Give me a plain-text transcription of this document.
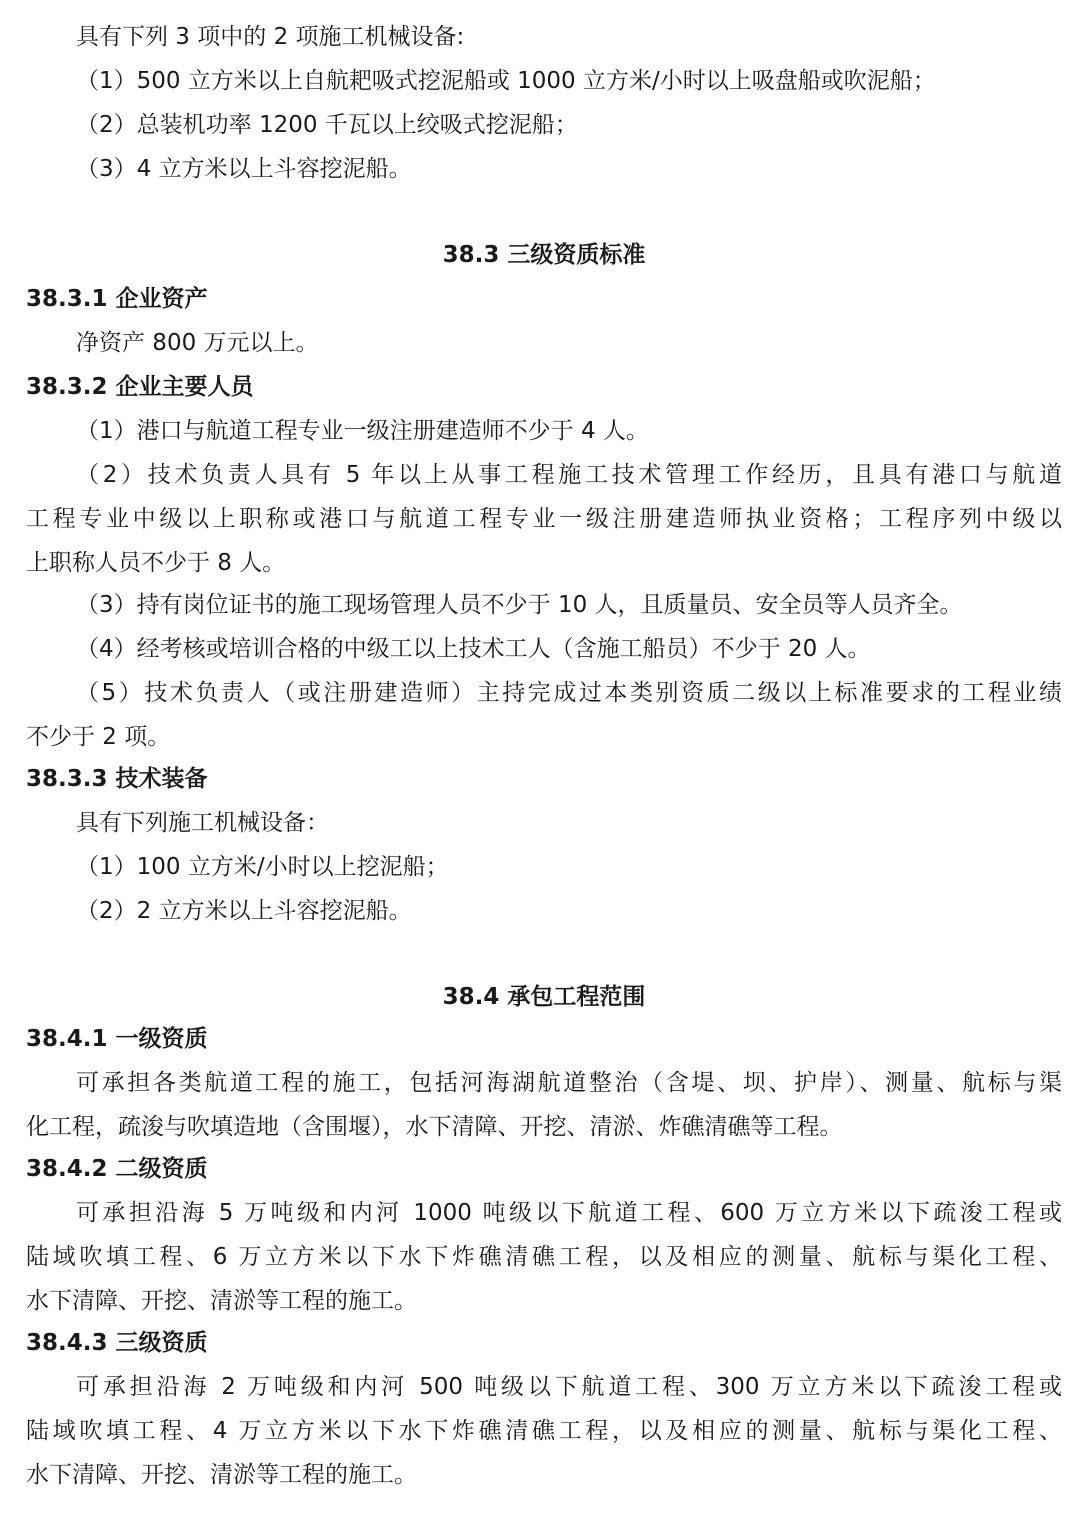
具有下列 3 项中的 2 项施工机械设备:
（1）500 立方米以上自航耙吸式挖泥船或 1000 立方米/小时以上吸盘船或吹泥船；
（2）总装机功率 1200 千瓦以上绞吸式挖泥船；
（3）4 立方米以上斗容挖泥船。
38.3 三级资质标准
38.3.1 企业资产
净资产 800 万元以上。
38.3.2 企业主要人员
（1）港口与航道工程专业一级注册建造师不少于 4 人。
（2）技术负责人具有 5 年以上从事工程施工技术管理工作经历，且具有港口与航道
工程专业中级以上职称或港口与航道工程专业一级注册建造师执业资格；工程序列中级以
上职称人员不少于 8 人。
（3）持有岗位证书的施工现场管理人员不少于 10 人，且质量员、安全员等人员齐全。
（4）经考核或培训合格的中级工以上技术工人（含施工船员）不少于 20 人。
（5）技术负责人（或注册建造师）主持完成过本类别资质二级以上标准要求的工程业绩
不少于 2 项。
38.3.3 技术装备
具有下列施工机械设备：
（1）100 立方米/小时以上挖泥船；
（2）2 立方米以上斗容挖泥船。
38.4 承包工程范围
38.4.1 一级资质
可承担各类航道工程的施工，包括河海湖航道整治（含堤、坝、护岸）、测量、航标与渠
化工程，疏浚与吹填造地（含围堰），水下清障、开挖、清淤、炸礁清礁等工程。
38.4.2 二级资质
可承担沿海 5 万吨级和内河 1000 吨级以下航道工程、600 万立方米以下疏浚工程或
陆域吹填工程、6 万立方米以下水下炸礁清礁工程，以及相应的测量、航标与渠化工程、
水下清障、开挖、清淤等工程的施工。
38.4.3 三级资质
可承担沿海 2 万吨级和内河 500 吨级以下航道工程、300 万立方米以下疏浚工程或
陆域吹填工程、4 万立方米以下水下炸礁清礁工程，以及相应的测量、航标与渠化工程、
水下清障、开挖、清淤等工程的施工。
